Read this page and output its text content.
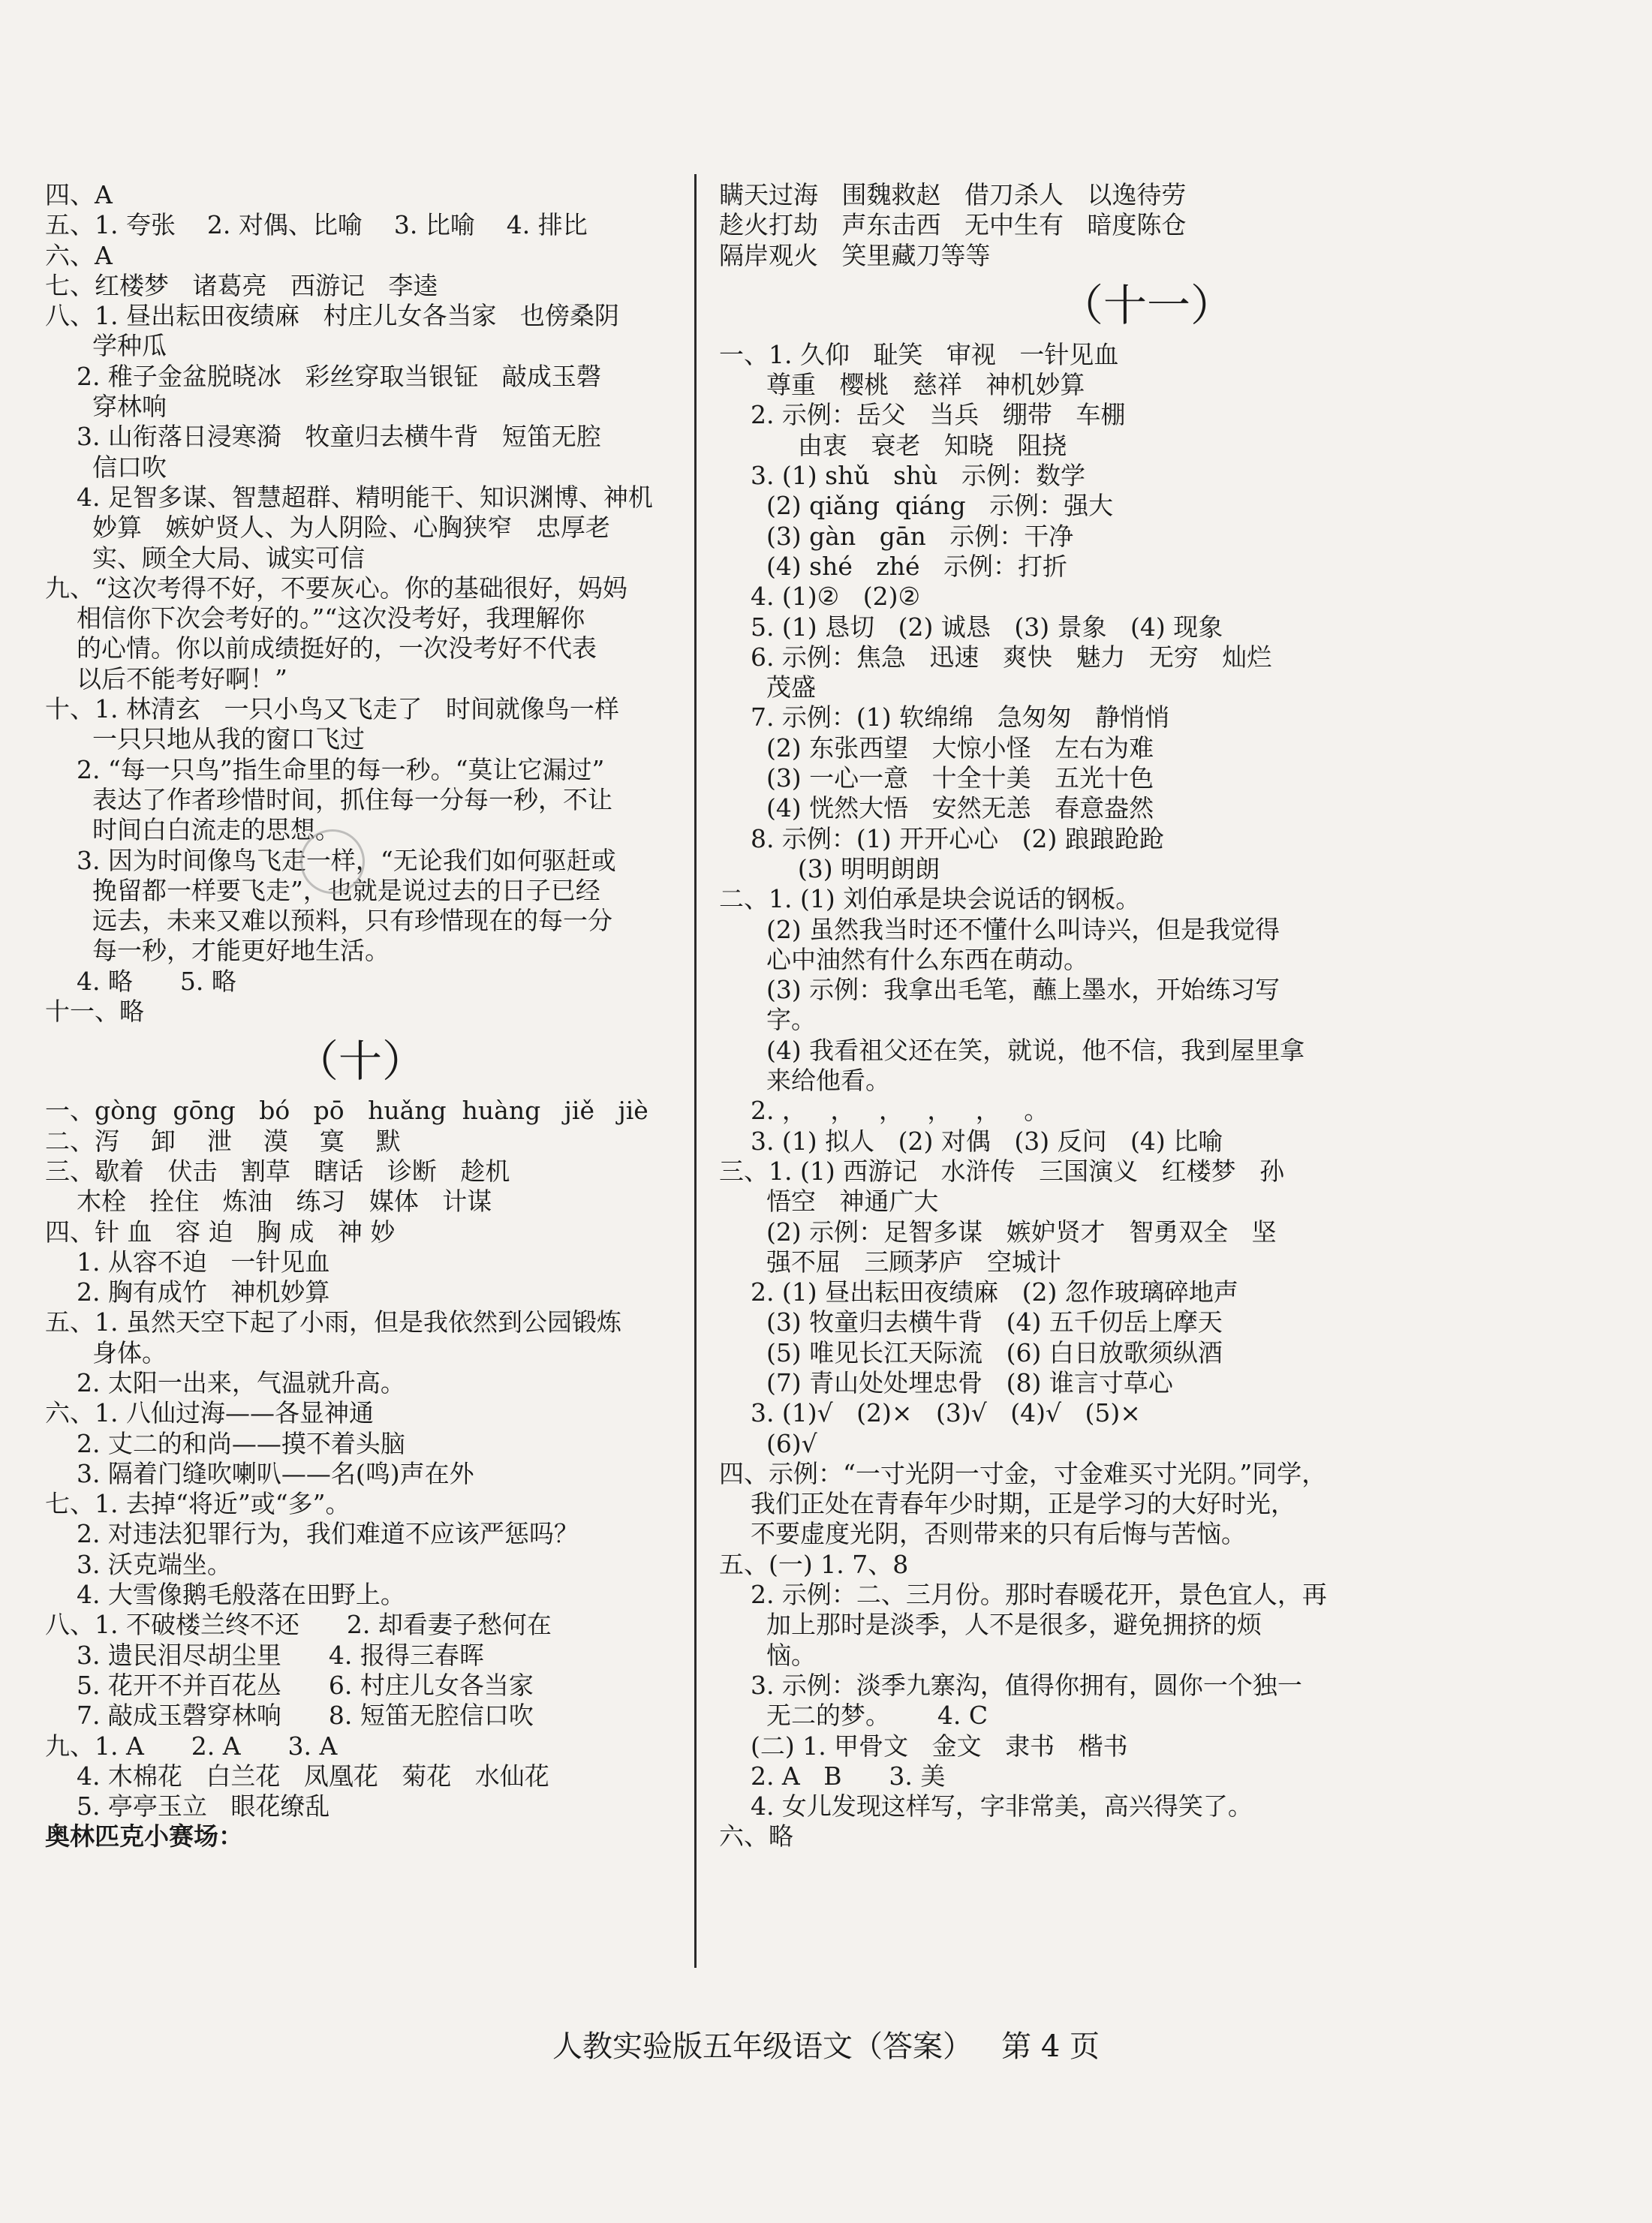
四、A
五、1. 夸张    2. 对偶、比喻    3. 比喻    4. 排比
六、A
七、红楼梦   诸葛亮   西游记   李逵
八、1. 昼出耘田夜绩麻   村庄儿女各当家   也傍桑阴
学种瓜
2. 稚子金盆脱晓冰   彩丝穿取当银钲   敲成玉磬
穿林响
3. 山衔落日浸寒漪   牧童归去横牛背   短笛无腔
信口吹
4. 足智多谋、智慧超群、精明能干、知识渊博、神机
妙算   嫉妒贤人、为人阴险、心胸狭窄   忠厚老
实、顾全大局、诚实可信
九、“这次考得不好，不要灰心。你的基础很好，妈妈
相信你下次会考好的。”“这次没考好，我理解你
的心情。你以前成绩挺好的，一次没考好不代表
以后不能考好啊！”
十、1. 林清玄   一只小鸟又飞走了   时间就像鸟一样
一只只地从我的窗口飞过
2. “每一只鸟”指生命里的每一秒。“莫让它漏过”
表达了作者珍惜时间，抓住每一分每一秒，不让
时间白白流走的思想。
3. 因为时间像鸟飞走一样，“无论我们如何驱赶或
挽留都一样要飞走”，也就是说过去的日子已经
远去，未来又难以预料，只有珍惜现在的每一分
每一秒，才能更好地生活。
4. 略      5. 略
十一、略
（十）
一、gòng  gōng   bó   pō   huǎng  huàng   jiě   jiè
二、泻    卸    泄    漠    寞    默
三、歇着   伏击   割草   瞎话   诊断   趁机
木栓   拴住   炼油   练习   媒体   计谋
四、针 血   容 迫   胸 成   神 妙
1. 从容不迫   一针见血
2. 胸有成竹   神机妙算
五、1. 虽然天空下起了小雨，但是我依然到公园锻炼
身体。
2. 太阳一出来，气温就升高。
六、1. 八仙过海——各显神通
2. 丈二的和尚——摸不着头脑
3. 隔着门缝吹喇叭——名(鸣)声在外
七、1. 去掉“将近”或“多”。
2. 对违法犯罪行为，我们难道不应该严惩吗？
3. 沃克端坐。
4. 大雪像鹅毛般落在田野上。
八、1. 不破楼兰终不还      2. 却看妻子愁何在
3. 遗民泪尽胡尘里      4. 报得三春晖
5. 花开不并百花丛      6. 村庄儿女各当家
7. 敲成玉磬穿林响      8. 短笛无腔信口吹
九、1. A      2. A      3. A
4. 木棉花   白兰花   凤凰花   菊花   水仙花
5. 亭亭玉立   眼花缭乱
奥林匹克小赛场：
瞒天过海   围魏救赵   借刀杀人   以逸待劳
趁火打劫   声东击西   无中生有   暗度陈仓
隔岸观火   笑里藏刀等等
（十一）
一、1. 久仰   耻笑   审视   一针见血
尊重   樱桃   慈祥   神机妙算
2. 示例：岳父   当兵   绷带   车棚
由衷   衰老   知晓   阻挠
3. (1) shǔ   shù   示例：数学
(2) qiǎng  qiáng   示例：强大
(3) gàn   gān   示例：干净
(4) shé   zhé   示例：打折
4. (1)②   (2)②
5. (1) 恳切   (2) 诚恳   (3) 景象   (4) 现象
6. 示例：焦急   迅速   爽快   魅力   无穷   灿烂
茂盛
7. 示例：(1) 软绵绵   急匆匆   静悄悄
(2) 东张西望   大惊小怪   左右为难
(3) 一心一意   十全十美   五光十色
(4) 恍然大悟   安然无恙   春意盎然
8. 示例：(1) 开开心心   (2) 踉踉跄跄
(3) 明明朗朗
二、1. (1) 刘伯承是块会说话的钢板。
(2) 虽然我当时还不懂什么叫诗兴，但是我觉得
心中油然有什么东西在萌动。
(3) 示例：我拿出毛笔，蘸上墨水，开始练习写
字。
(4) 我看祖父还在笑，就说，他不信，我到屋里拿
来给他看。
2. ，   ，   ，   ，   ，   。
3. (1) 拟人   (2) 对偶   (3) 反问   (4) 比喻
三、1. (1) 西游记   水浒传   三国演义   红楼梦   孙
悟空   神通广大
(2) 示例：足智多谋   嫉妒贤才   智勇双全   坚
强不屈   三顾茅庐   空城计
2. (1) 昼出耘田夜绩麻   (2) 忽作玻璃碎地声
(3) 牧童归去横牛背   (4) 五千仞岳上摩天
(5) 唯见长江天际流   (6) 白日放歌须纵酒
(7) 青山处处埋忠骨   (8) 谁言寸草心
3. (1)√   (2)×   (3)√   (4)√   (5)×
(6)√
四、示例：“一寸光阴一寸金，寸金难买寸光阴。”同学，
我们正处在青春年少时期，正是学习的大好时光，
不要虚度光阴，否则带来的只有后悔与苦恼。
五、(一) 1. 7、8
2. 示例：二、三月份。那时春暖花开，景色宜人，再
加上那时是淡季，人不是很多，避免拥挤的烦
恼。
3. 示例：淡季九寨沟，值得你拥有，圆你一个独一
无二的梦。      4. C
(二) 1. 甲骨文   金文   隶书   楷书
2. A   B      3. 美
4. 女儿发现这样写，字非常美，高兴得笑了。
六、略
人教实验版五年级语文（答案）   第 4 页
